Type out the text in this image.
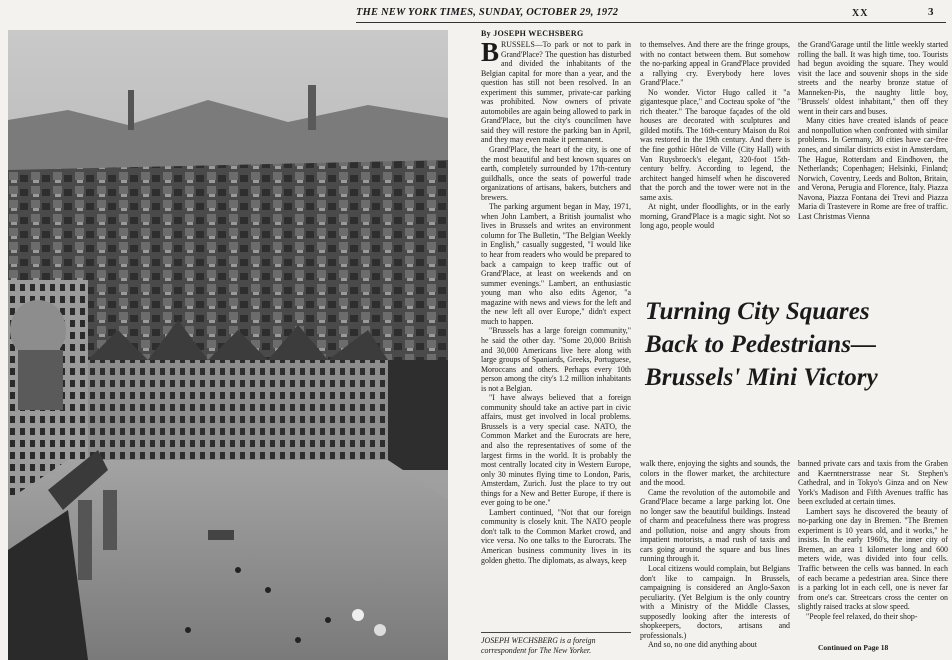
THE NEW YORK TIMES, SUNDAY, OCTOBER 29, 1972	XX	3
By JOSEPH WECHSBERG

BRUSSELS—To park or not to park in Grand'Place? The question has disturbed and divided the inhabitants of the Belgian capital for more than a year, and the question has still not been resolved. In an experiment this summer, private-car parking was prohibited. Now owners of private automobiles are again being allowed to park in Grand'Place, but the city's councilmen have said they will restore the parking ban in April, and they may even make it permanent.

Grand'Place, the heart of the city, is one of the most beautiful and best known squares on earth, completely surrounded by 17th-century guildhalls, once the seats of powerful trade organizations of artisans, bakers, butchers and brewers.

The parking argument began in May, 1971, when John Lambert, a British journalist who lives in Brussels and writes an environment column for The Bulletin, "The Belgian Weekly in English," casually suggested, "I would like to hear from readers who would be prepared to back a campaign to keep traffic out of Grand'Place, at least on weekends and on summer evenings." Lambert, an enthusiastic young man who also edits Agenor, "a magazine with news and views for the left and the new left all over Europe," didn't expect much to happen.

"Brussels has a large foreign community," he said the other day. "Some 20,000 British and 30,000 Americans live here along with large groups of Spaniards, Greeks, Portuguese, Moroccans and others. Perhaps every 10th person among the city's 1.2 million inhabitants is not a Belgian.

"I have always believed that a foreign community should take an active part in civic affairs, must get involved in local problems. Brussels is a very special case. NATO, the Common Market and the Eurocrats are here, and also the representatives of some of the largest firms in the world. It is probably the most centrally located city in Western Europe, only 30 minutes flying time to London, Paris, Amsterdam, Zurich. Just the place to try out things for a New and Better Europe, if there is ever going to be one."

Lambert continued, "Not that our foreign community is closely knit. The NATO people don't talk to the Common Market crowd, and vice versa. No one talks to the Eurocrats. The American business community lives in its golden ghetto. The diplomats, as always, keep

to themselves. And there are the fringe groups, with no contact between them. But somehow the no-parking appeal in Grand'Place provided a rallying cry. Everybody here loves Grand'Place."

No wonder. Victor Hugo called it "a gigantesque place," and Cocteau spoke of "the rich theater." The baroque façades of the old houses are decorated with sculptures and gilded motifs. The 16th-century Maison du Roi was restored in the 19th century. And there is the fine gothic Hôtel de Ville (City Hall) with Van Ruysbroeck's elegant, 320-foot 15th-century belfry. According to legend, the architect hanged himself when he discovered that the porch and the tower were not in the same axis.

At night, under floodlights, or in the early morning, Grand'Place is a magic sight. Not so long ago, people would

the Grand'Garage until the little weekly started rolling the ball. It was high time, too. Tourists had begun avoiding the square. They would visit the lace and souvenir shops in the side streets and the nearby bronze statue of Manneken-Pis, the naughty little boy, "Brussels' oldest inhabitant," then off they went in their cars and buses.

Many cities have created islands of peace and nonpollution when confronted with similar problems. In Germany, 30 cities have car-free zones, and similar districts exist in Amsterdam, The Hague, Rotterdam and Eindhoven, the Netherlands; Copenhagen; Helsinki, Finland; Norwich, Coventry, Leeds and Bolton, Britain, and Verona, Perugia and Florence, Italy. Piazza Navona, Piazza Fontana dei Trevi and Piazza Maria di Trastevere in Rome are free of traffic. Last Christmas Vienna

Turning City Squares
Back to Pedestrians—
Brussels' Mini Victory

walk there, enjoying the sights and sounds, the colors in the flower market, the architecture and the mood.

Came the revolution of the automobile and Grand'Place became a large parking lot. One no longer saw the beautiful buildings. Instead of charm and peacefulness there was progress and pollution, noise and angry shouts from impatient motorists, a mad rush of taxis and cars going around the square and bus lines running through it.

Local citizens would complain, but Belgians don't like to campaign. In Brussels, campaigning is considered an Anglo-Saxon peculiarity. (Yet Belgium is the only country with a Ministry of the Middle Classes, supposedly looking after the interests of shopkeepers, doctors, artisans and professionals.)

And so, no one did anything about

banned private cars and taxis from the Graben and Kaerntnerstrasse near St. Stephen's Cathedral, and in Tokyo's Ginza and on New York's Madison and Fifth Avenues traffic has been excluded at certain times.

Lambert says he discovered the beauty of no-parking one day in Bremen. "The Bremen experiment is 10 years old, and it works," he insists. In the early 1960's, the inner city of Bremen, an area 1 kilometer long and 600 meters wide, was divided into four cells. Traffic between the cells was banned. In each of each became a pedestrian area. Since there is a parking lot in each cell, one is never far from one's car. Streetcars cross the center on slightly raised tracks at slow speed.

"People feel relaxed, do their shop-

JOSEPH WECHSBERG is a foreign correspondent for The New Yorker.	Continued on Page 18
